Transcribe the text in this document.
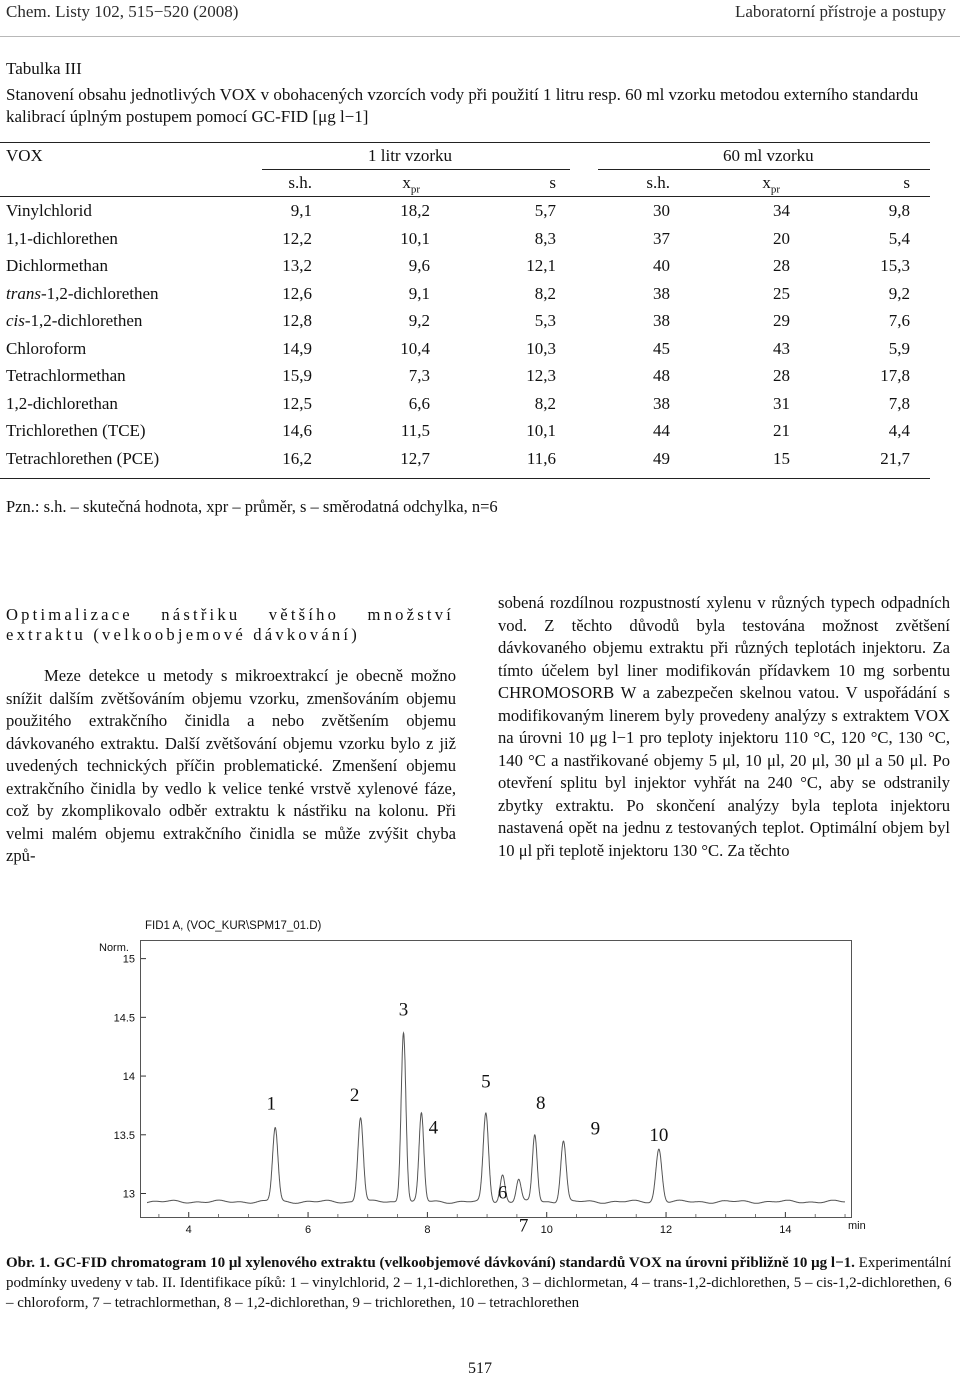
Chem. Listy 102, 515−520 (2008)	Laboratorní přístroje a postupy
Tabulka III
Stanovení obsahu jednotlivých VOX v obohacených vzorcích vody při použití 1 litru resp. 60 ml vzorku metodou externího standardu kalibrací úplným postupem pomocí GC-FID [μg l−1]
VOX	1 litr vzorku	60 ml vzorku
s.h.	$x_{pr}$	s	s.h.	$x_{pr}$	s
Vinylchlorid	9,1	18,2	5,7	30	34	9,8
1,1-dichlorethen	12,2	10,1	8,3	37	20	5,4
Dichlormethan	13,2	9,6	12,1	40	28	15,3
trans-1,2-dichlorethen	12,6	9,1	8,2	38	25	9,2
cis-1,2-dichlorethen	12,8	9,2	5,3	38	29	7,6
Chloroform	14,9	10,4	10,3	45	43	5,9
Tetrachlormethan	15,9	7,3	12,3	48	28	17,8
1,2-dichlorethan	12,5	6,6	8,2	38	31	7,8
Trichlorethen (TCE)	14,6	11,5	10,1	44	21	4,4
Tetrachlorethen (PCE)	16,2	12,7	11,6	49	15	21,7
Pzn.: s.h. – skutečná hodnota, xpr – průměr, s – směrodatná odchylka, n=6
Optimalizace nástřiku většího množství extraktu (velkoobjemové dávkování)
Meze detekce u metody s mikroextrakcí je obecně možno snížit dalším zvětšováním objemu vzorku, zmenšováním objemu použitého extrakčního činidla a nebo zvětšením objemu dávkovaného extraktu. Další zvětšování objemu vzorku bylo z již uvedených technických příčin problematické. Zmenšení objemu extrakčního činidla by vedlo k velice tenké vrstvě xylenové fáze, což by zkomplikovalo odběr extraktu k nástřiku na kolonu. Při velmi malém objemu extrakčního činidla se může zvýšit chyba způ-
sobená rozdílnou rozpustností xylenu v různých typech odpadních vod. Z těchto důvodů byla testována možnost zvětšení dávkovaného objemu extraktu při různých teplotách injektoru. Za tímto účelem byl liner modifikován přídavkem 10 mg sorbentu CHROMOSORB W a zabezpečen skelnou vatou. V uspořádání s modifikovaným linerem byly provedeny analýzy s extraktem VOX na úrovni 10 μg l−1 pro teploty injektoru 110 °C, 120 °C, 130 °C, 140 °C a nastřikované objemy 5 μl, 10 μl, 20 μl, 30 μl a 50 μl. Po otevření splitu byl injektor vyhřát na 240 °C, aby se odstranily zbytky extraktu. Po skončení analýzy byla teplota injektoru nastavená opět na jednu z testovaných teplot. Optimální objem byl 10 μl při teplotě injektoru 130 °C. Za těchto
FID1 A, (VOC_KUR\SPM17_01.D)
Norm.
min
13
13.5
14
14.5
15
4	6	8	10	12	14
1	2
3
4
5
6
7
8
9	10
Obr. 1. GC-FID chromatogram 10 μl xylenového extraktu (velkoobjemové dávkování) standardů VOX na úrovni přibližně 10 μg l−1. Experimentální podmínky uvedeny v tab. II. Identifikace píků: 1 – vinylchlorid, 2 – 1,1-dichlorethen, 3 – dichlormetan, 4 – trans-1,2-dichlorethen, 5 – cis-1,2-dichlorethen, 6 – chloroform, 7 – tetrachlormethan, 8 – 1,2-dichlorethan, 9 – trichlorethen, 10 – tetrachlorethen
517
